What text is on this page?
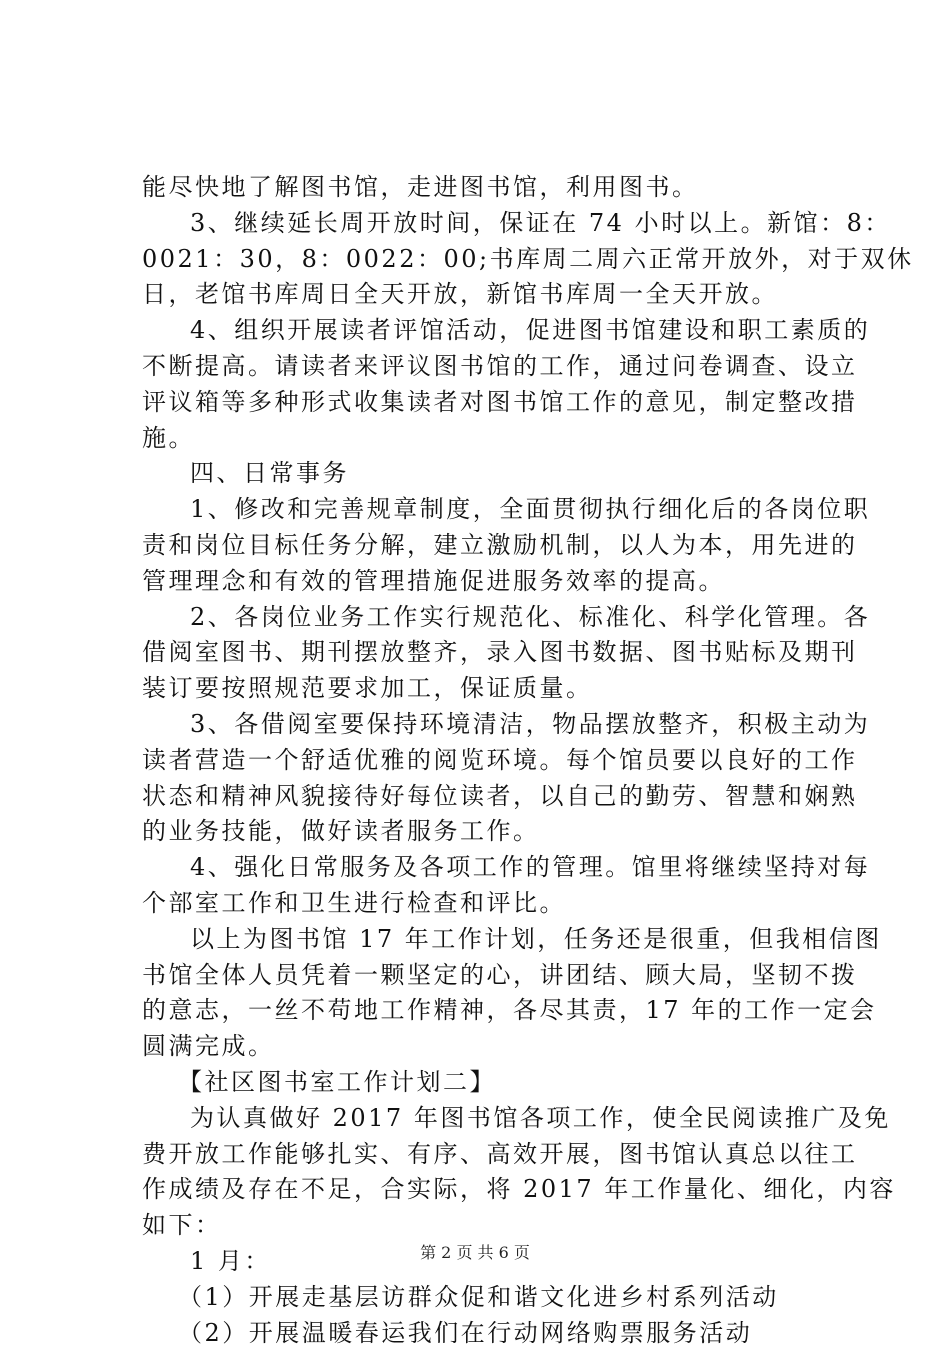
能尽快地了解图书馆，走进图书馆，利用图书。
3、继续延长周开放时间，保证在 74 小时以上。新馆：8：
0021：30，8：0022：00;书库周二周六正常开放外，对于双休
日，老馆书库周日全天开放，新馆书库周一全天开放。
4、组织开展读者评馆活动，促进图书馆建设和职工素质的
不断提高。请读者来评议图书馆的工作，通过问卷调查、设立
评议箱等多种形式收集读者对图书馆工作的意见，制定整改措
施。
四、日常事务
1、修改和完善规章制度，全面贯彻执行细化后的各岗位职
责和岗位目标任务分解，建立激励机制，以人为本，用先进的
管理理念和有效的管理措施促进服务效率的提高。
2、各岗位业务工作实行规范化、标准化、科学化管理。各
借阅室图书、期刊摆放整齐，录入图书数据、图书贴标及期刊
装订要按照规范要求加工，保证质量。
3、各借阅室要保持环境清洁，物品摆放整齐，积极主动为
读者营造一个舒适优雅的阅览环境。每个馆员要以良好的工作
状态和精神风貌接待好每位读者，以自己的勤劳、智慧和娴熟
的业务技能，做好读者服务工作。
4、强化日常服务及各项工作的管理。馆里将继续坚持对每
个部室工作和卫生进行检查和评比。
以上为图书馆 17 年工作计划，任务还是很重，但我相信图
书馆全体人员凭着一颗坚定的心，讲团结、顾大局，坚韧不拨
的意志，一丝不苟地工作精神，各尽其责，17 年的工作一定会
圆满完成。
【社区图书室工作计划二】
为认真做好 2017 年图书馆各项工作，使全民阅读推广及免
费开放工作能够扎实、有序、高效开展，图书馆认真总以往工
作成绩及存在不足，合实际，将 2017 年工作量化、细化，内容
如下：
1 月：
（1）开展走基层访群众促和谐文化进乡村系列活动
（2）开展温暖春运我们在行动网络购票服务活动
第 2 页 共 6 页
